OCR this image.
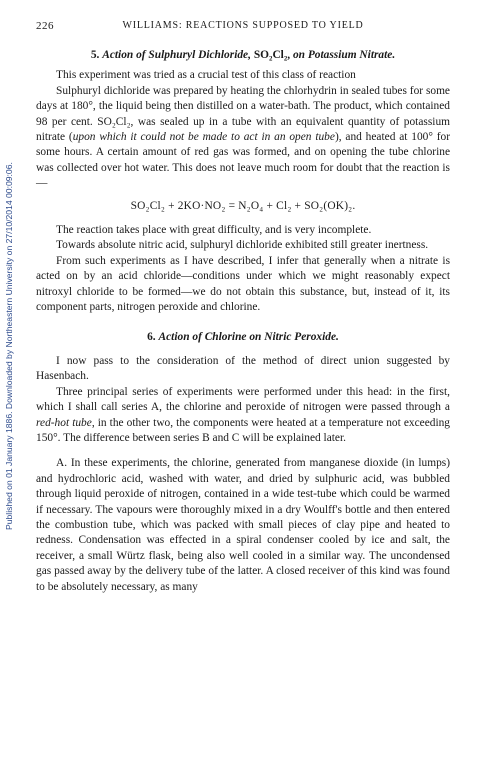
Published on 01 January 1886. Downloaded by Northeastern University on 27/10/2014 00:09:06.
226	WILLIAMS: REACTIONS SUPPOSED TO YIELD
5. Action of Sulphuryl Dichloride, SO₂Cl₂, on Potassium Nitrate.

This experiment was tried as a crucial test of this class of reaction

Sulphuryl dichloride was prepared by heating the chlorhydrin in sealed tubes for some days at 180°, the liquid being then distilled on a water-bath. The product, which contained 98 per cent. SO₂Cl₂, was sealed up in a tube with an equivalent quantity of potassium nitrate (upon which it could not be made to act in an open tube), and heated at 100° for some hours. A certain amount of red gas was formed, and on opening the tube chlorine was collected over hot water. This does not leave much room for doubt that the reaction is—

SO₂Cl₂ + 2KO·NO₂ = N₂O₄ + Cl₂ + SO₂(OK)₂.

The reaction takes place with great difficulty, and is very incomplete.

Towards absolute nitric acid, sulphuryl dichloride exhibited still greater inertness.

From such experiments as I have described, I infer that generally when a nitrate is acted on by an acid chloride—conditions under which we might reasonably expect nitroxyl chloride to be formed—we do not obtain this substance, but, instead of it, its component parts, nitrogen peroxide and chlorine.

6. Action of Chlorine on Nitric Peroxide.

I now pass to the consideration of the method of direct union suggested by Hasenbach.

Three principal series of experiments were performed under this head: in the first, which I shall call series A, the chlorine and peroxide of nitrogen were passed through a red-hot tube, in the other two, the components were heated at a temperature not exceeding 150°. The difference between series B and C will be explained later.

A. In these experiments, the chlorine, generated from manganese dioxide (in lumps) and hydrochloric acid, washed with water, and dried by sulphuric acid, was bubbled through liquid peroxide of nitrogen, contained in a wide test-tube which could be warmed if necessary. The vapours were thoroughly mixed in a dry Woulff's bottle and then entered the combustion tube, which was packed with small pieces of clay pipe and heated to redness. Condensation was effected in a spiral condenser cooled by ice and salt, the receiver, a small Würtz flask, being also well cooled in a similar way. The uncondensed gas passed away by the delivery tube of the latter. A closed receiver of this kind was found to be absolutely necessary, as many
